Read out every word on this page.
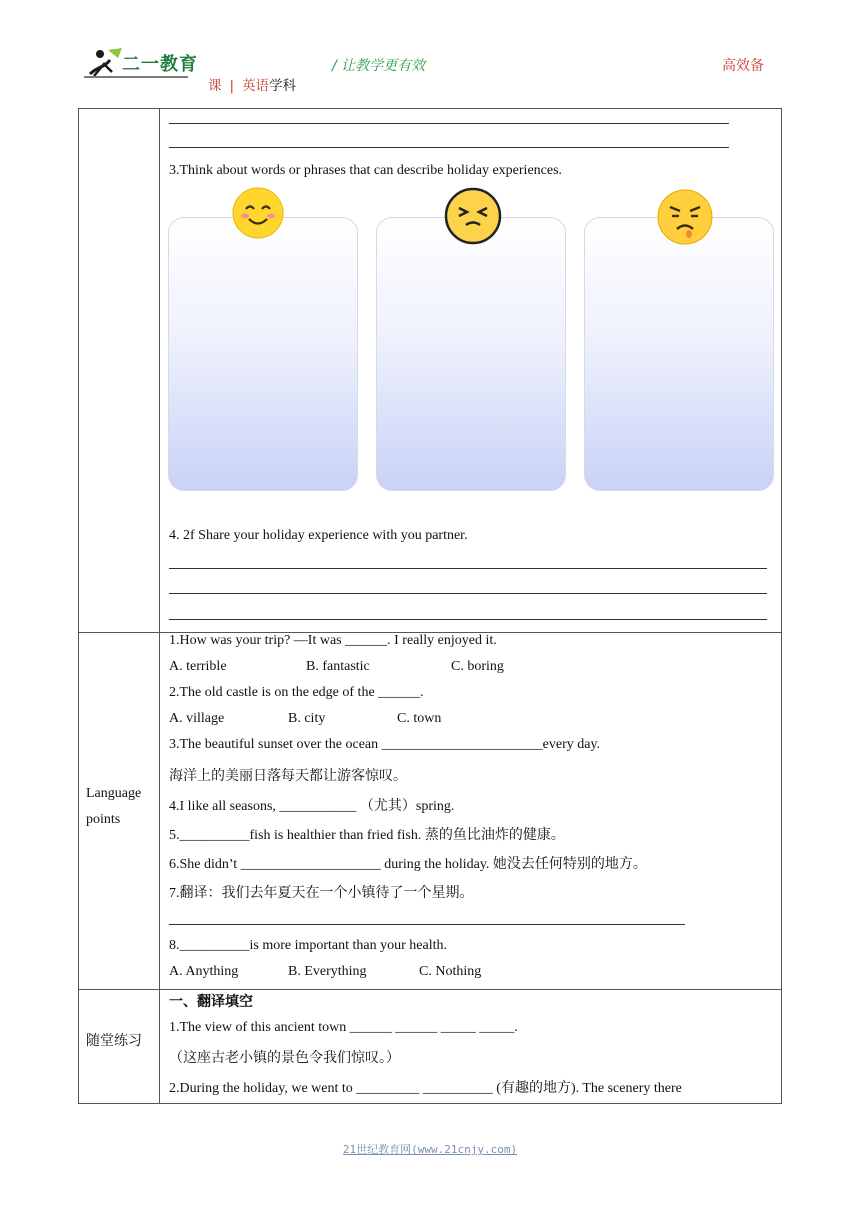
二一教育	/ 让教学更有效	高效备
课 | 英语学科
3.Think about words or phrases that can describe holiday experiences.
4. 2f Share your holiday experience with you partner.
Language
points
1.How was your trip? —It was ______. I really enjoyed it.
A. terrible	B. fantastic	C. boring
2.The old castle is on the edge of the ______.
A. village	B. city	C. town
3.The beautiful sunset over the ocean _______________________every day.
海洋上的美丽日落每天都让游客惊叹。
4.I like all seasons, ___________ （尤其）spring.
5.__________fish is healthier than fried fish. 蒸的鱼比油炸的健康。
6.She didn’t ____________________ during the holiday. 她没去任何特别的地方。
7.翻译：我们去年夏天在一个小镇待了一个星期。
8.__________is more important than your health.
A. Anything	B. Everything	C. Nothing
随堂练习
一、翻译填空
1.The view of this ancient town ______ ______ _____ _____.
（这座古老小镇的景色令我们惊叹。）
2.During the holiday, we went to _________ __________ (有趣的地方). The scenery there
21世纪教育网(www.21cnjy.com)
